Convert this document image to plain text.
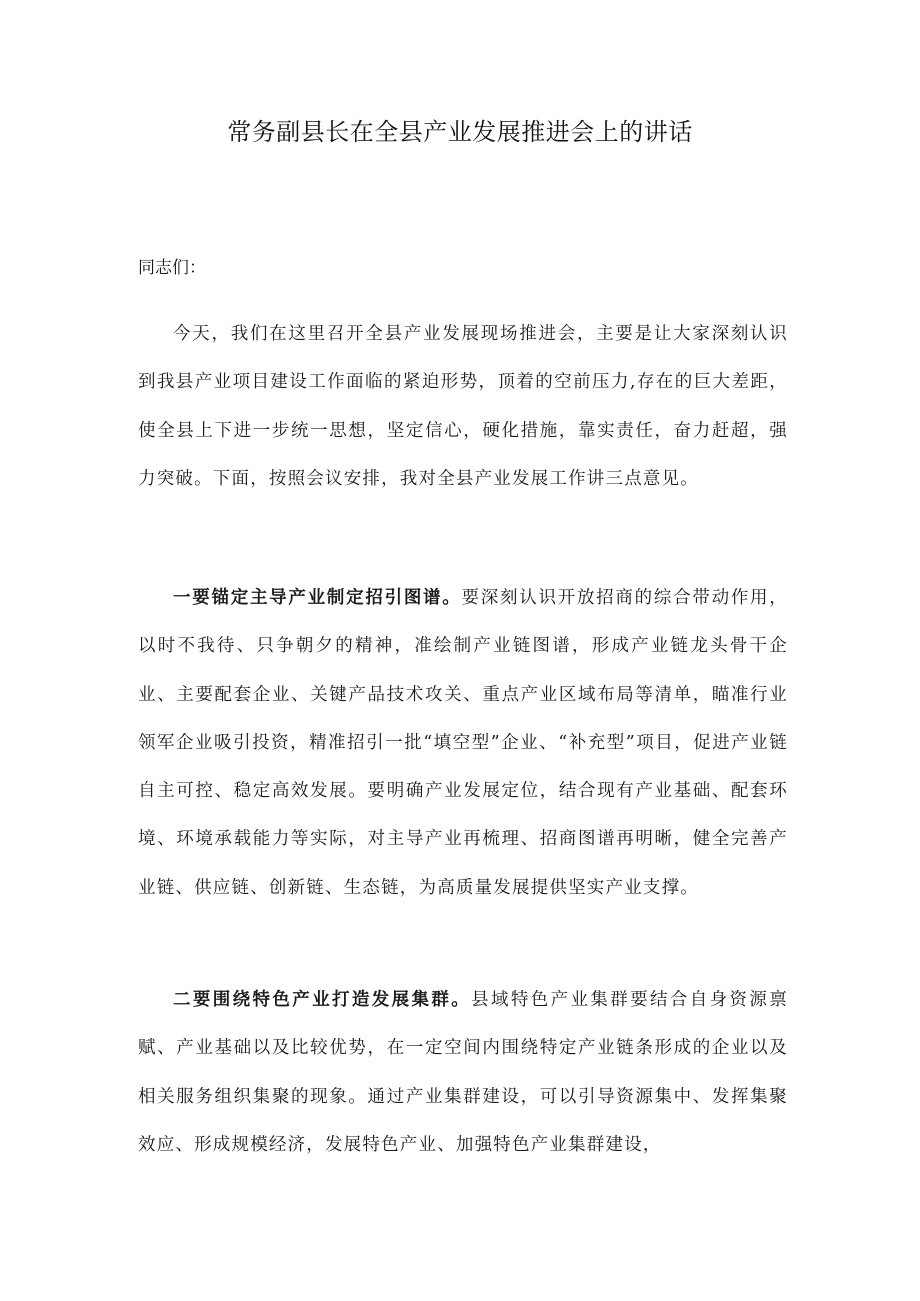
常务副县长在全县产业发展推进会上的讲话

同志们：

今天，我们在这里召开全县产业发展现场推进会，主要是让大家深刻认识到我县产业项目建设工作面临的紧迫形势，顶着的空前压力,存在的巨大差距，使全县上下进一步统一思想，坚定信心，硬化措施，靠实责任，奋力赶超，强力突破。下面，按照会议安排，我对全县产业发展工作讲三点意见。

一要锚定主导产业制定招引图谱。要深刻认识开放招商的综合带动作用，以时不我待、只争朝夕的精神，准绘制产业链图谱，形成产业链龙头骨干企业、主要配套企业、关键产品技术攻关、重点产业区域布局等清单，瞄准行业领军企业吸引投资，精准招引一批“填空型”企业、“补充型”项目，促进产业链自主可控、稳定高效发展。要明确产业发展定位，结合现有产业基础、配套环境、环境承载能力等实际，对主导产业再梳理、招商图谱再明晰，健全完善产业链、供应链、创新链、生态链，为高质量发展提供坚实产业支撑。

二要围绕特色产业打造发展集群。县域特色产业集群要结合自身资源禀赋、产业基础以及比较优势，在一定空间内围绕特定产业链条形成的企业以及相关服务组织集聚的现象。通过产业集群建设，可以引导资源集中、发挥集聚效应、形成规模经济，发展特色产业、加强特色产业集群建设，
